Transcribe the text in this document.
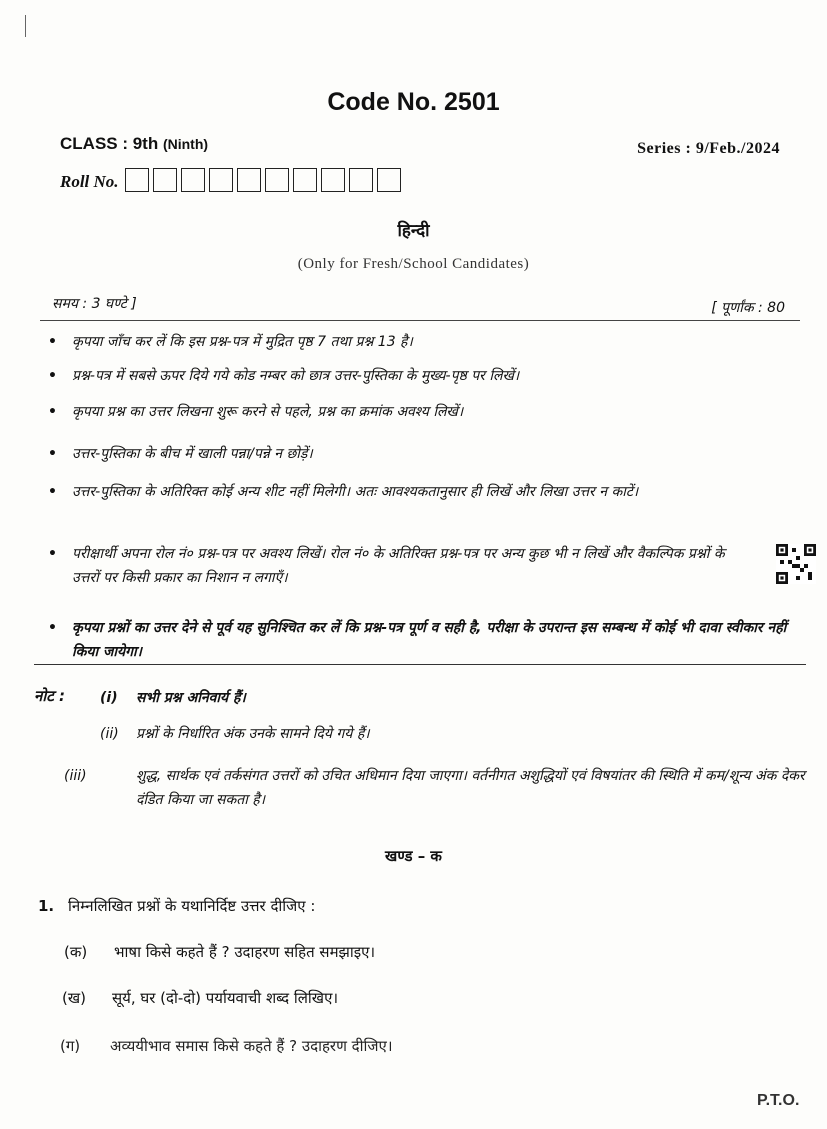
Code No. 2501
CLASS : 9th (Ninth)	Series : 9/Feb./2024
Roll No.
हिन्दी
(Only for Fresh/School Candidates)
समय : 3 घण्टे ]	[ पूर्णांक : 80
• कृपया जाँच कर लें कि इस प्रश्न-पत्र में मुद्रित पृष्ठ 7 तथा प्रश्न 13 है।
• प्रश्न-पत्र में सबसे ऊपर दिये गये कोड नम्बर को छात्र उत्तर-पुस्तिका के मुख्य-पृष्ठ पर लिखें।
• कृपया प्रश्न का उत्तर लिखना शुरू करने से पहले, प्रश्न का क्रमांक अवश्य लिखें।
• उत्तर-पुस्तिका के बीच में खाली पन्ना/पन्ने न छोड़ें।
• उत्तर-पुस्तिका के अतिरिक्त कोई अन्य शीट नहीं मिलेगी। अतः आवश्यकतानुसार ही लिखें और लिखा उत्तर न काटें।
• परीक्षार्थी अपना रोल नं० प्रश्न-पत्र पर अवश्य लिखें। रोल नं० के अतिरिक्त प्रश्न-पत्र पर अन्य कुछ भी न लिखें और वैकल्पिक प्रश्नों के उत्तरों पर किसी प्रकार का निशान न लगाएँ।
• कृपया प्रश्नों का उत्तर देने से पूर्व यह सुनिश्चित कर लें कि प्रश्न-पत्र पूर्ण व सही है, परीक्षा के उपरान्त इस सम्बन्ध में कोई भी दावा स्वीकार नहीं किया जायेगा।
नोट :	(i) सभी प्रश्न अनिवार्य हैं।
(ii) प्रश्नों के निर्धारित अंक उनके सामने दिये गये हैं।
(iii)	शुद्ध, सार्थक एवं तर्कसंगत उत्तरों को उचित अधिमान दिया जाएगा। वर्तनीगत अशुद्धियों एवं विषयांतर की स्थिति में कम/शून्य अंक देकर दंडित किया जा सकता है।
खण्ड – क
1. निम्नलिखित प्रश्नों के यथानिर्दिष्ट उत्तर दीजिए :
(क) भाषा किसे कहते हैं ? उदाहरण सहित समझाइए।
(ख) सूर्य, घर (दो-दो) पर्यायवाची शब्द लिखिए।
(ग) अव्ययीभाव समास किसे कहते हैं ? उदाहरण दीजिए।
P.T.O.
